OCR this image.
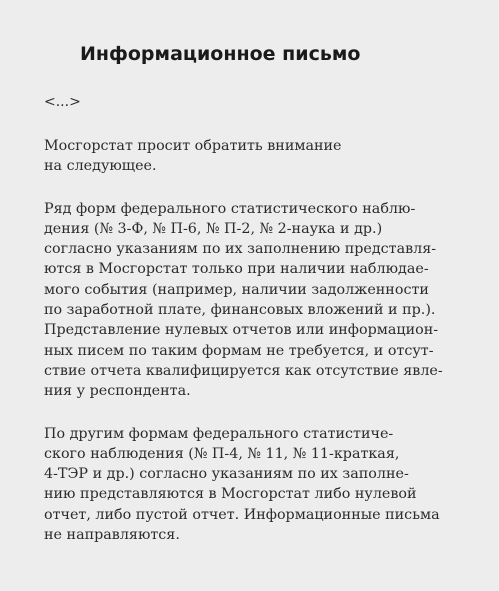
Информационное письмо
<...>

Мосгорстат просит обратить внимание
на следующее.

Ряд форм федерального статистического наблю-
дения (№ 3-Ф, № П-6, № П-2, № 2-наука и др.)
согласно указаниям по их заполнению представля-
ются в Мосгорстат только при наличии наблюдае-
мого события (например, наличии задолженности
по заработной плате, финансовых вложений и пр.).
Представление нулевых отчетов или информацион-
ных писем по таким формам не требуется, и отсут-
ствие отчета квалифицируется как отсутствие явле-
ния у респондента.

По другим формам федерального статистиче-
ского наблюдения (№ П-4, № 11, № 11-краткая,
4-ТЭР и др.) согласно указаниям по их заполне-
нию представляются в Мосгорстат либо нулевой
отчет, либо пустой отчет. Информационные письма
не направляются.
